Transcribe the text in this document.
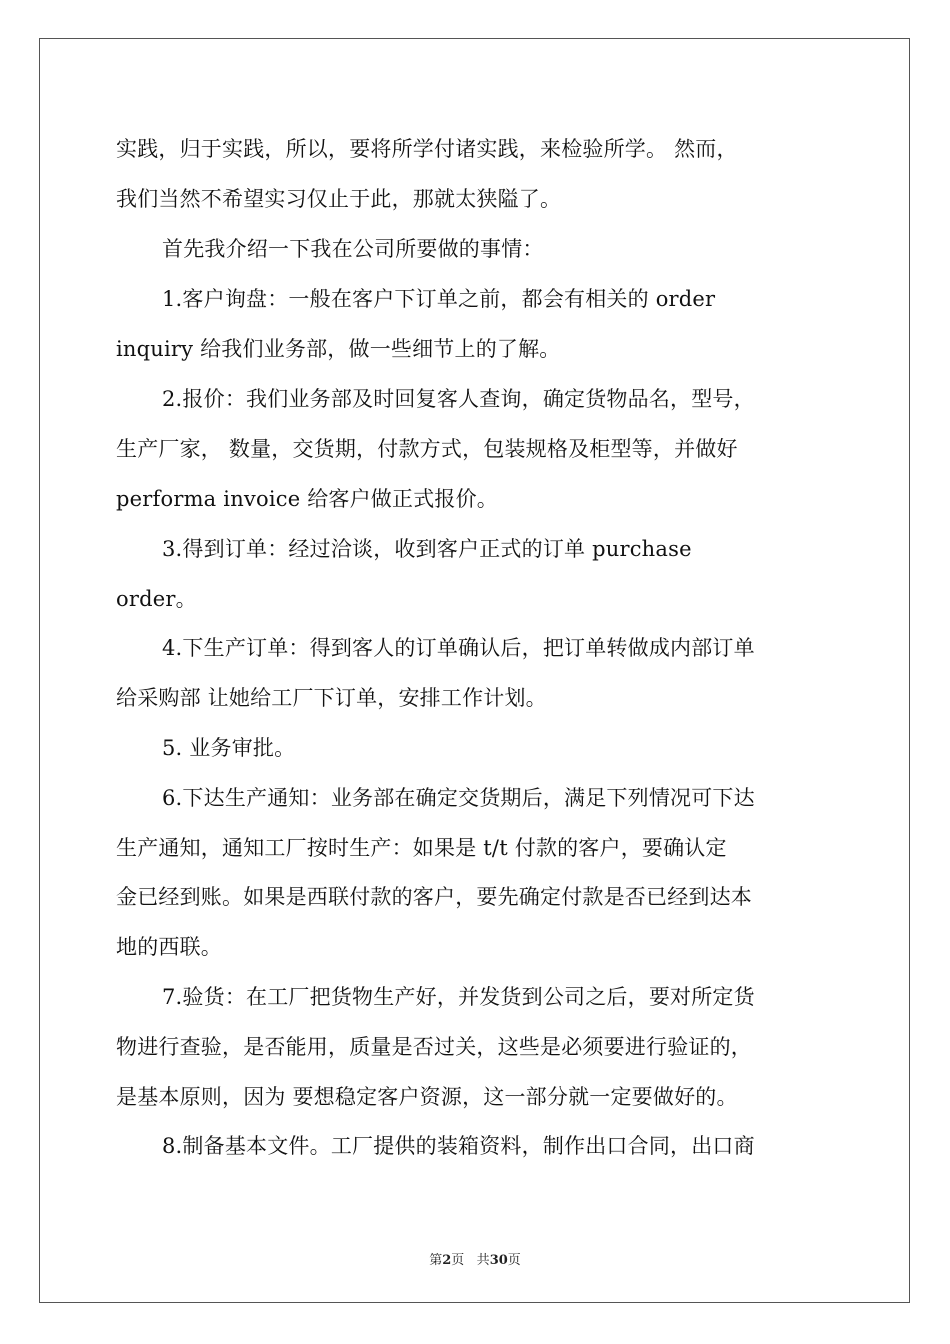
实践，归于实践，所以，要将所学付诸实践，来检验所学。 然而，
我们当然不希望实习仅止于此，那就太狭隘了。
首先我介绍一下我在公司所要做的事情：
1.客户询盘：一般在客户下订单之前，都会有相关的 order
inquiry 给我们业务部，做一些细节上的了解。
2.报价：我们业务部及时回复客人查询，确定货物品名，型号，
生产厂家， 数量，交货期，付款方式，包装规格及柜型等，并做好
performa invoice 给客户做正式报价。
3.得到订单：经过洽谈，收到客户正式的订单 purchase
order。
4.下生产订单：得到客人的订单确认后，把订单转做成内部订单
给采购部 让她给工厂下订单，安排工作计划。
5. 业务审批。
6.下达生产通知：业务部在确定交货期后，满足下列情况可下达
生产通知，通知工厂按时生产：如果是 t/t 付款的客户，要确认定
金已经到账。如果是西联付款的客户，要先确定付款是否已经到达本
地的西联。
7.验货：在工厂把货物生产好，并发货到公司之后，要对所定货
物进行查验，是否能用，质量是否过关，这些是必须要进行验证的，
是基本原则，因为 要想稳定客户资源，这一部分就一定要做好的。
8.制备基本文件。工厂提供的装箱资料，制作出口合同，出口商
第2页 共30页
